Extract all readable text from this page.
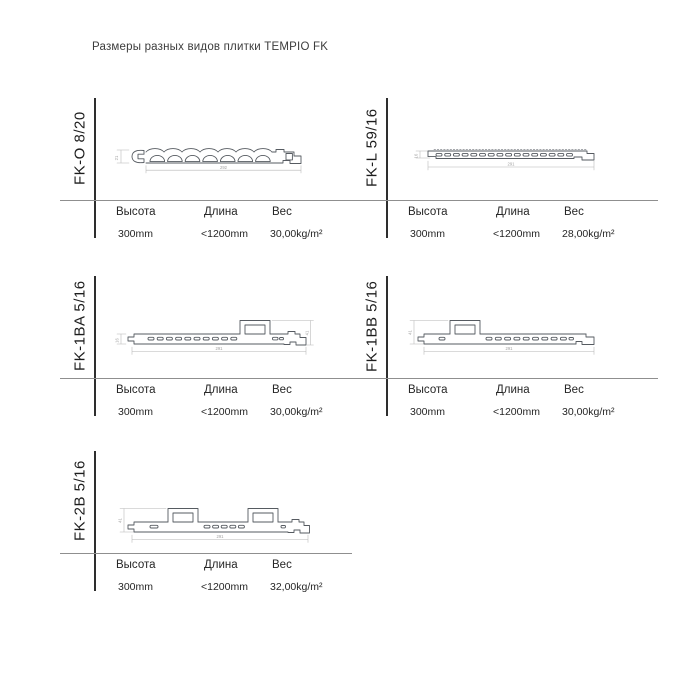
Размеры разных видов плитки TEMPIO FK
FK-O 8/20	21
292
Высота	Длина	Вес
300mm	<1200mm 30,00kg/m²
FK-L 59/16	16
291
Высота	Длина	Вес
300mm	<1200mm 28,00kg/m²
FK-1BA 5/16	16
41
291
Высота	Длина	Вес
300mm	<1200mm 30,00kg/m²
FK-1BB 5/16	41
291
Высота	Длина	Вес
300mm	<1200mm 30,00kg/m²
FK-2B 5/16	41
291
Высота	Длина	Вес
300mm	<1200mm 32,00kg/m²
